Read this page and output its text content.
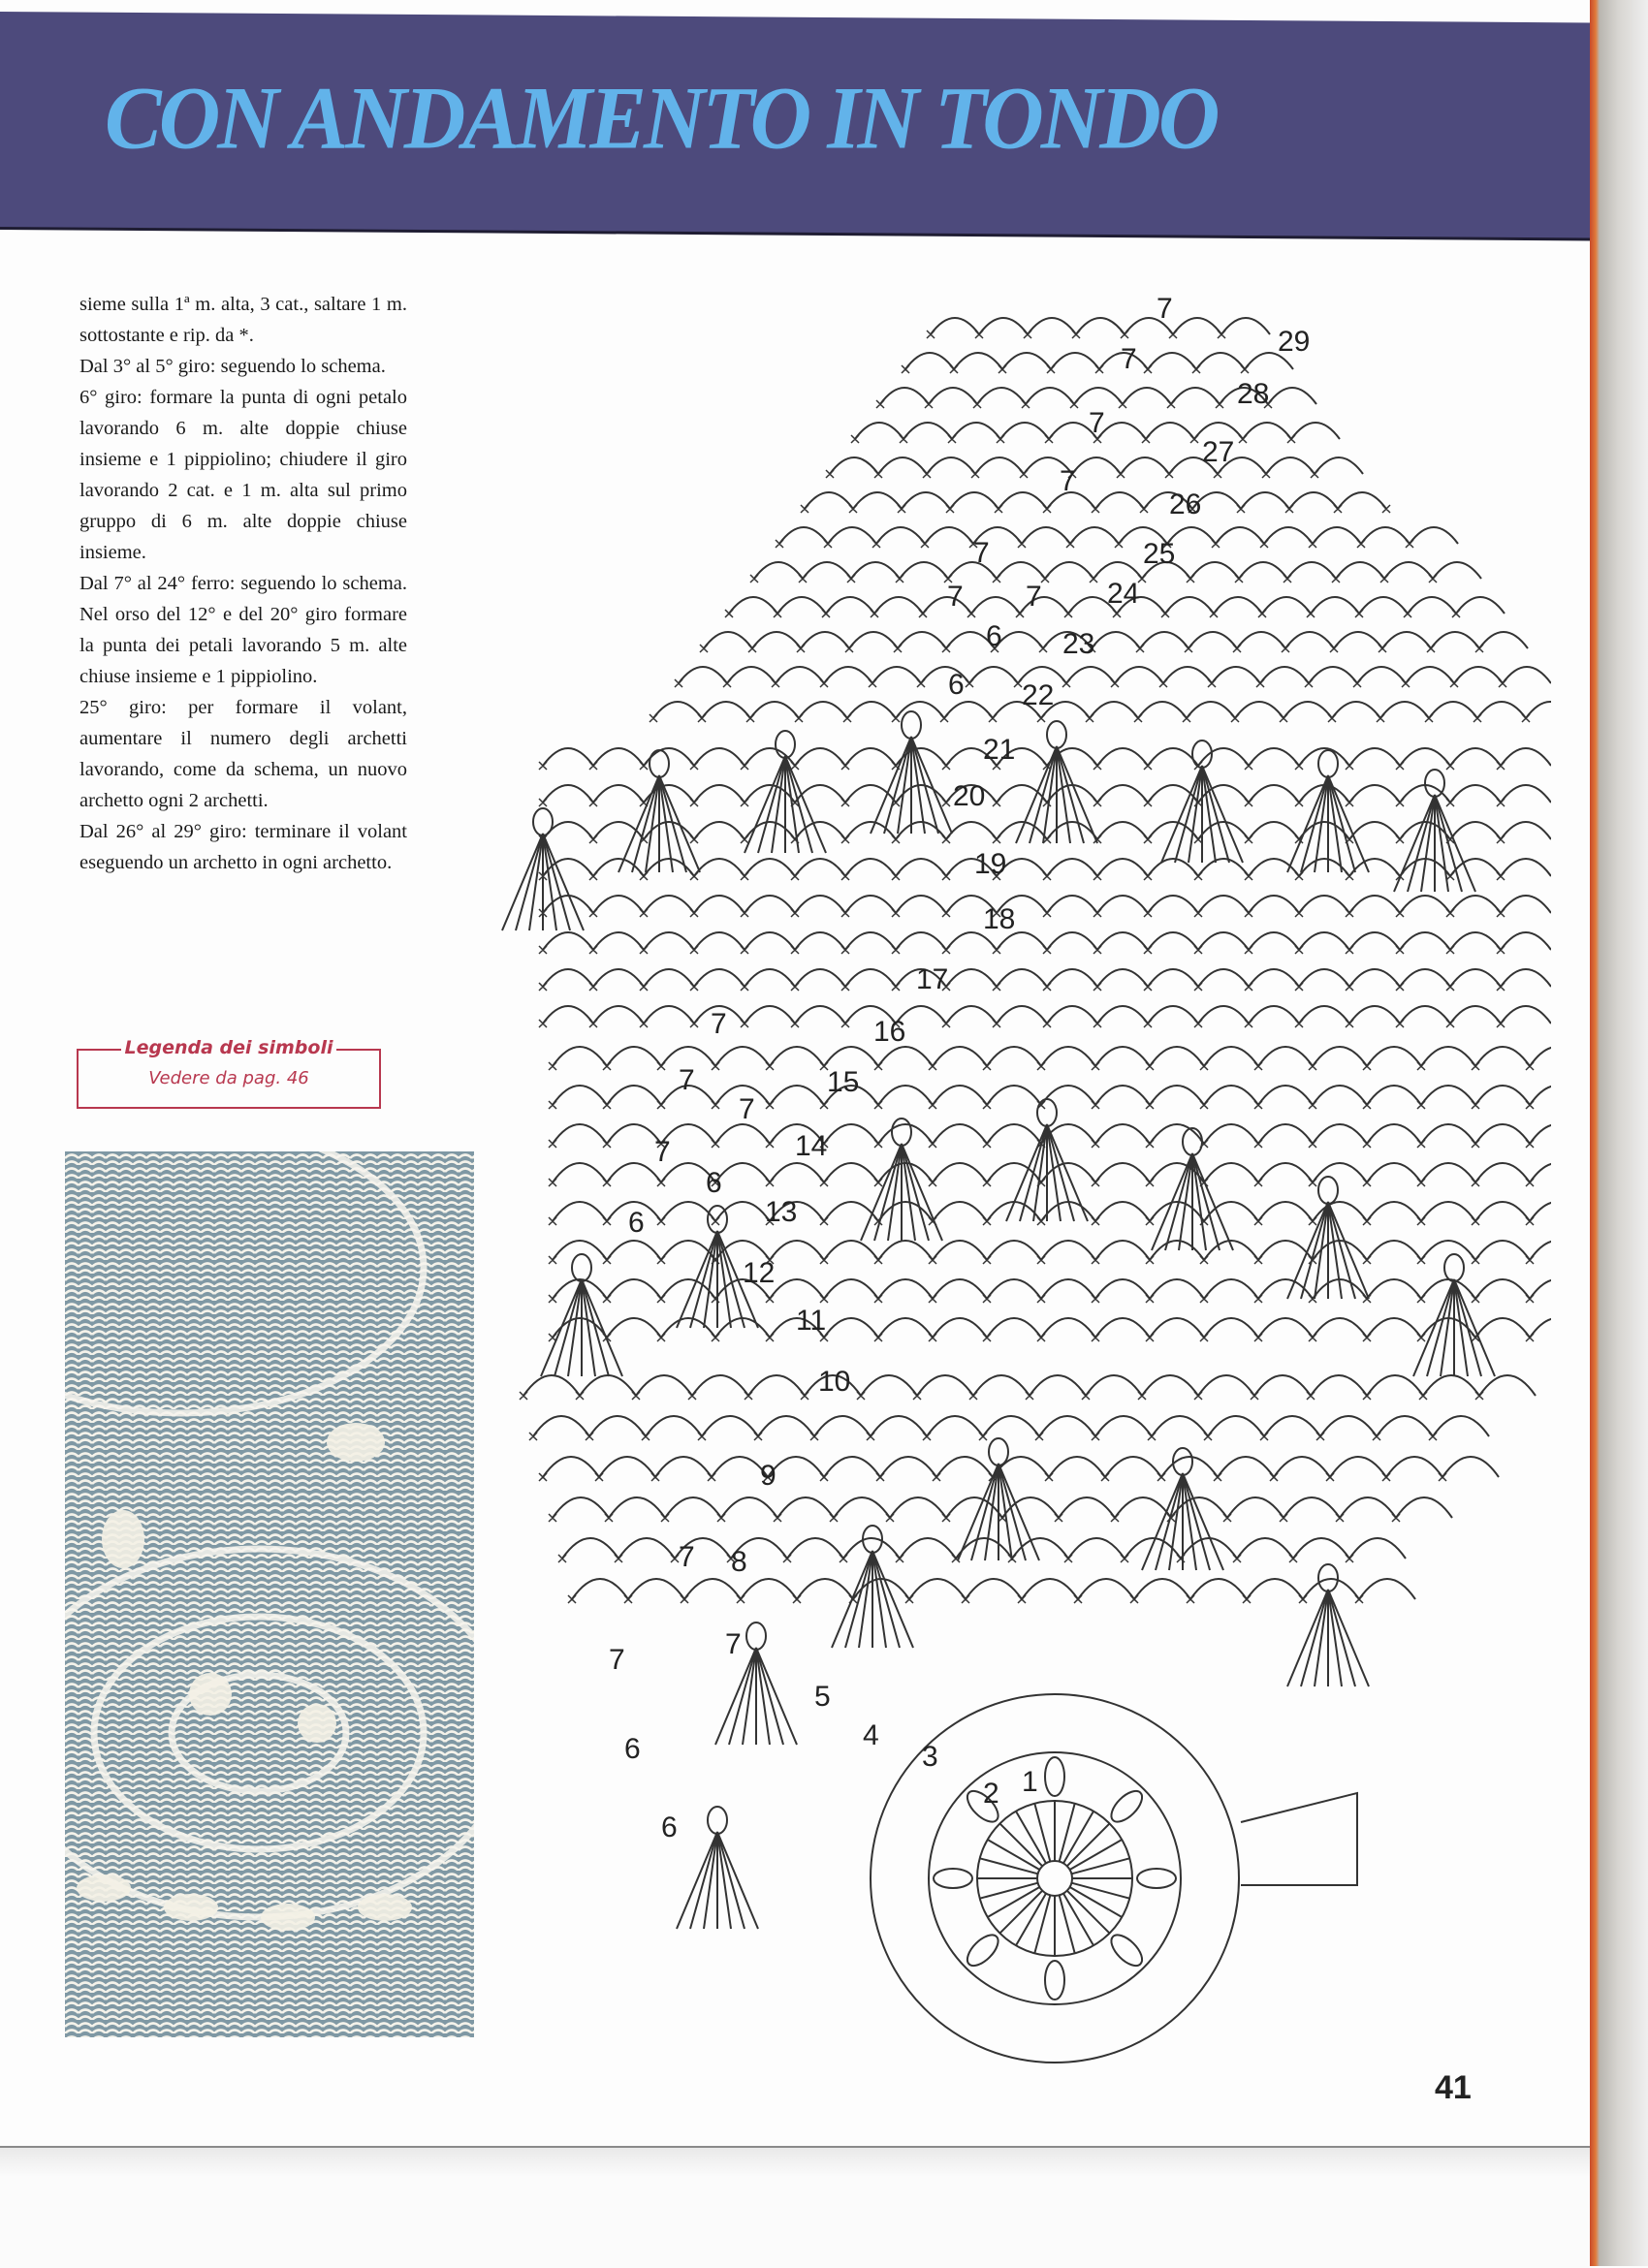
CON ANDAMENTO IN TONDO

sieme sulla 1ª m. alta, 3 cat., saltare 1 m. sottostante e rip. da *.

Dal 3° al 5° giro: seguendo lo schema.

6° giro: formare la punta di ogni petalo lavorando 6 m. alte doppie chiuse insieme e 1 pippiolino; chiudere il giro lavorando 2 cat. e 1 m. alta sul primo gruppo di 6 m. alte doppie chiuse insieme.

Dal 7° al 24° ferro: seguendo lo schema. Nel orso del 12° e del 20° giro formare la punta dei petali lavorando 5 m. alte chiuse insieme e 1 pippiolino.

25° giro: per formare il volant, aumentare il numero degli archetti lavorando, come da schema, un nuovo archetto ogni 2 archetti.

Dal 26° al 29° giro: terminare il volant eseguendo un archetto in ogni archetto.

Legenda dei simboli
Vedere da pag. 46
29
28
27
26
25
24
23
22
21
20
19
18
17
16
15
14
13
12
11
10
9
8
7
5
4
3
2 1
7
7
7
7
7
7 7
7
7
7
7
7
7
6
6
6
6
6
6
41
